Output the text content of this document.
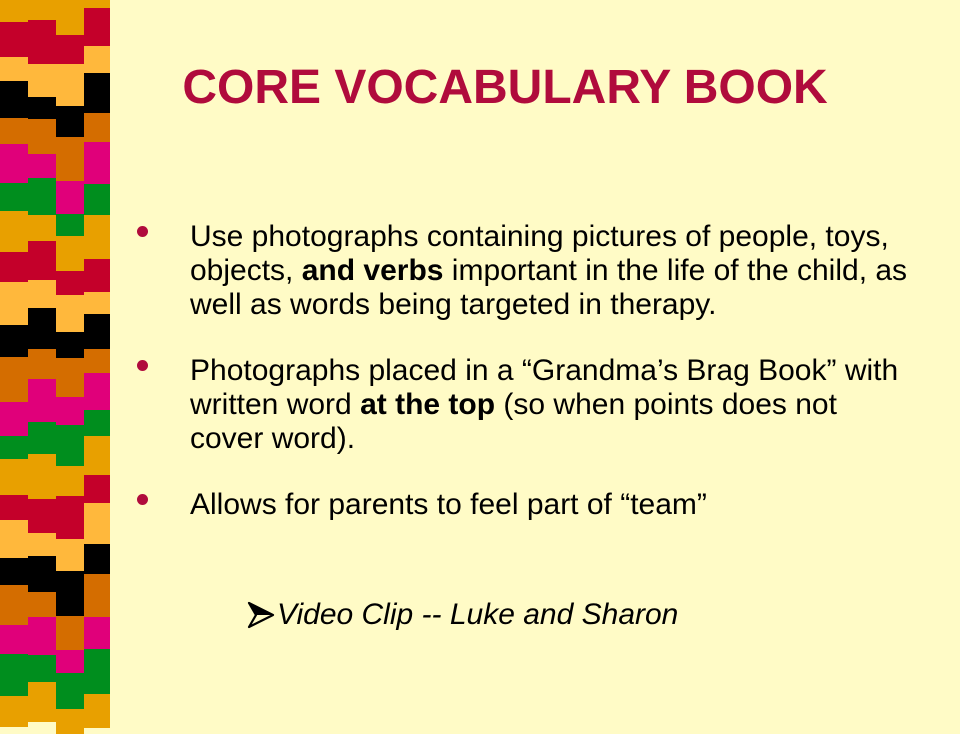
CORE VOCABULARY BOOK
Use photographs containing pictures of people, toys, objects, and verbs important in the life of the child, as well as words being targeted in therapy.
Photographs placed in a “Grandma’s Brag Book” with written word at the top (so when points does not cover word).
Allows for parents to feel part of “team”
Video Clip -- Luke and Sharon
